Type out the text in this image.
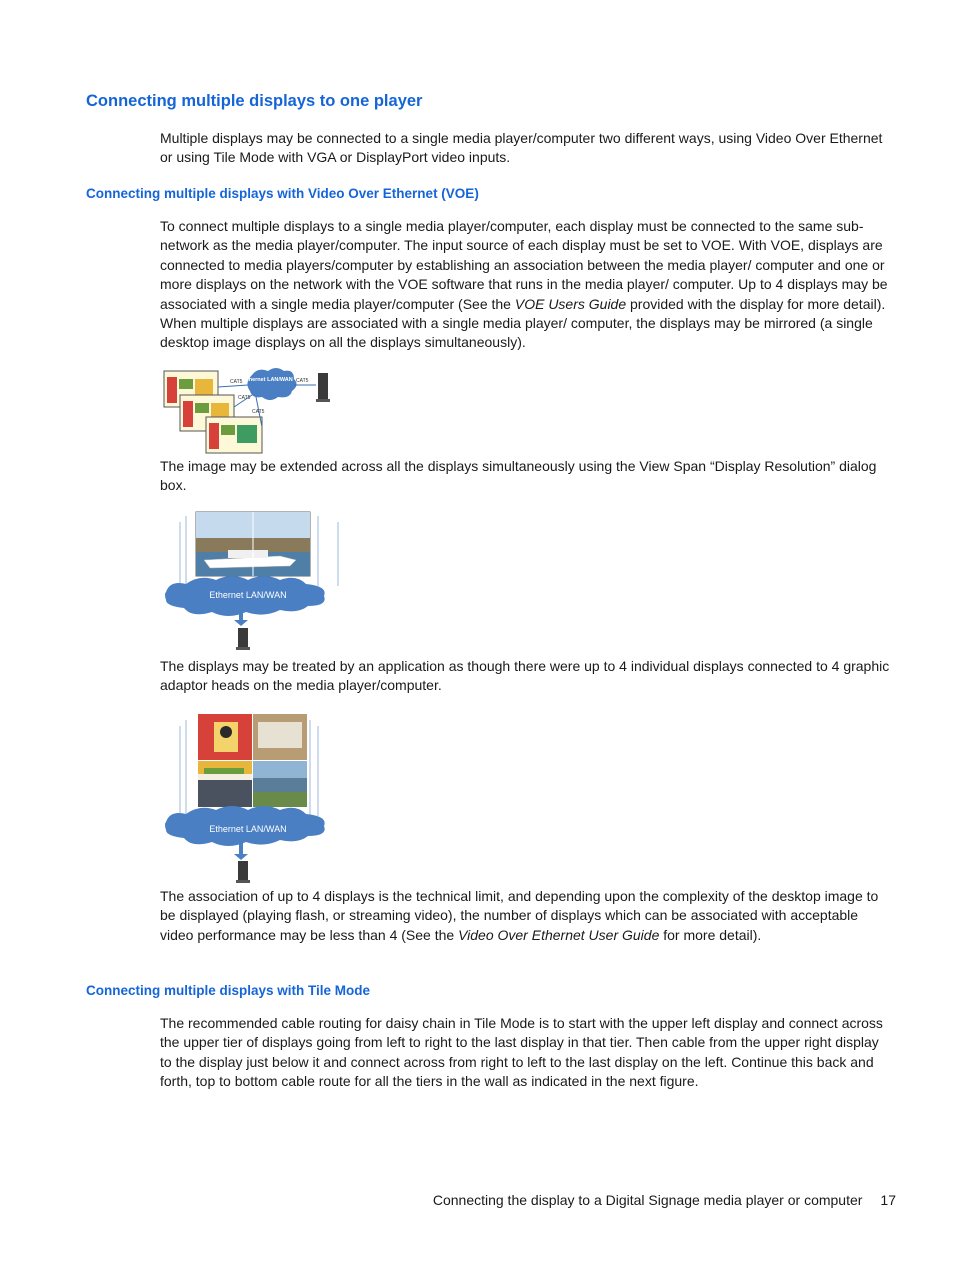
Connecting multiple displays to one player
Multiple displays may be connected to a single media player/computer two different ways, using Video Over Ethernet or using Tile Mode with VGA or DisplayPort video inputs.
Connecting multiple displays with Video Over Ethernet (VOE)
To connect multiple displays to a single media player/computer, each display must be connected to the same sub-network as the media player/computer. The input source of each display must be set to VOE. With VOE, displays are connected to media players/computer by establishing an association between the media player/ computer and one or more displays on the network with the VOE software that runs in the media player/ computer. Up to 4 displays may be associated with a single media player/computer (See the VOE Users Guide provided with the display for more detail). When multiple displays are associated with a single media player/ computer, the displays may be mirrored (a single desktop image displays on all the displays simultaneously).
Ethernet LAN/WAN
CAT5
CAT5
CAT5
CAT5
The image may be extended across all the displays simultaneously using the View Span “Display Resolution” dialog box.
Ethernet LAN/WAN
The displays may be treated by an application as though there were up to 4 individual displays connected to 4 graphic adaptor heads on the media player/computer.
Ethernet LAN/WAN
The association of up to 4 displays is the technical limit, and depending upon the complexity of the desktop image to be displayed (playing flash, or streaming video), the number of displays which can be associated with acceptable video performance may be less than 4 (See the Video Over Ethernet User Guide for more detail).
Connecting multiple displays with Tile Mode
The recommended cable routing for daisy chain in Tile Mode is to start with the upper left display and connect across the upper tier of displays going from left to right to the last display in that tier. Then cable from the upper right display to the display just below it and connect across from right to left to the last display on the left. Continue this back and forth, top to bottom cable route for all the tiers in the wall as indicated in the next figure.
Connecting the display to a Digital Signage media player or computer 17
